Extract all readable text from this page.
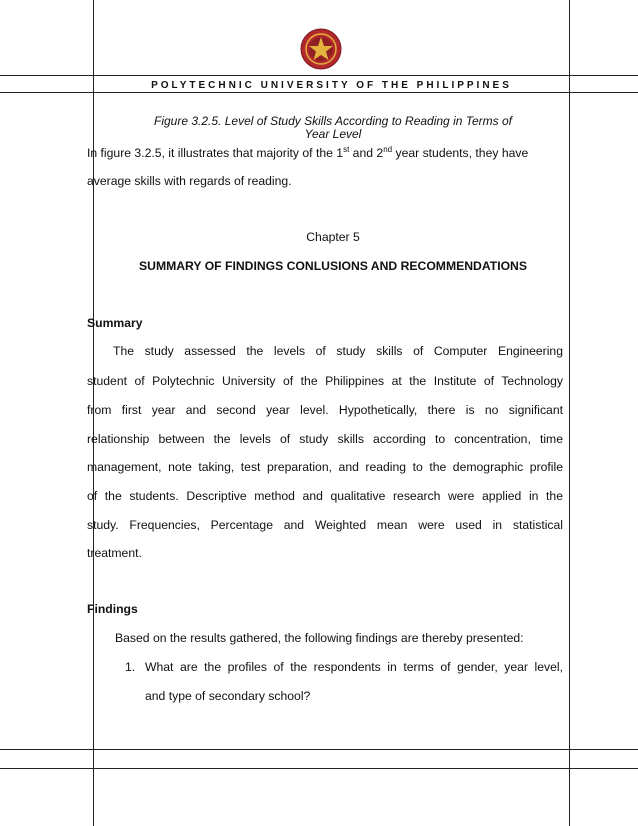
POLYTECHNIC UNIVERSITY OF THE PHILIPPINES
Figure 3.2.5. Level of Study Skills According to Reading in Terms of
Year Level
In figure 3.2.5, it illustrates that majority of the 1st and 2nd year students, they have
average skills with regards of reading.
Chapter 5
SUMMARY OF FINDINGS CONLUSIONS AND RECOMMENDATIONS
Summary
The study assessed the levels of study skills of Computer Engineering
student of Polytechnic University of the Philippines at the Institute of Technology
from first year and second year level. Hypothetically, there is no significant
relationship between the levels of study skills according to concentration, time
management, note taking, test preparation, and reading to the demographic profile
of the students. Descriptive method and qualitative research were applied in the
study. Frequencies, Percentage and Weighted mean were used in statistical
treatment.
Findings
Based on the results gathered, the following findings are thereby presented:
1. What are the profiles of the respondents in terms of gender, year level,
and type of secondary school?
